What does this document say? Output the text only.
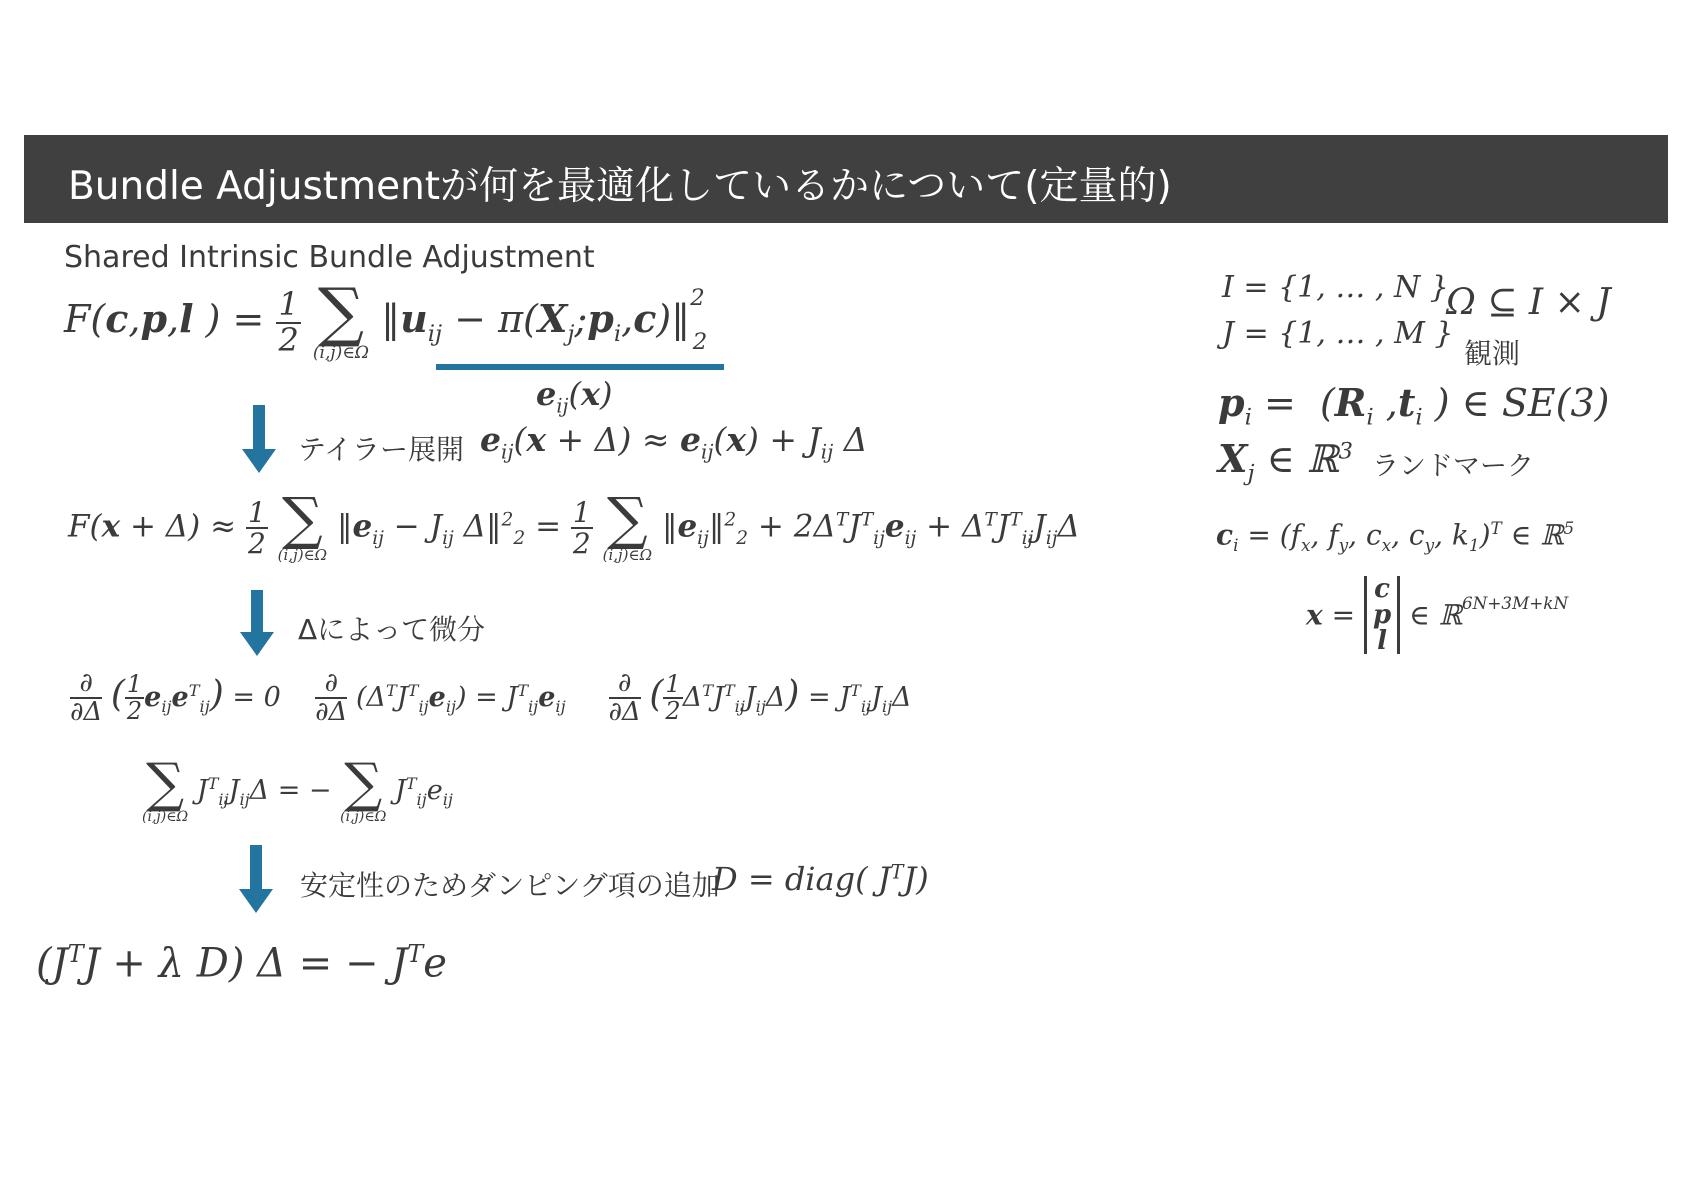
Bundle Adjustmentが何を最適化しているかについて(定量的)
Shared Intrinsic Bundle Adjustment
F(c,p,l ) = $\frac{1}{2}$
∑
(i,j)∈Ω
$‖u_{ij}$ − $\pi(X_j;p_i,c)‖^2_2$
$e_{ij}(x)$
テイラー展開 $e_{ij}(x + \Delta) \approx e_{ij}(x) + J_{ij}$ Δ
$F(x + \Delta) \approx \frac{1}{2}$
∑
(i,j)∈Ω
$‖e_{ij} - J_{ij}$ Δ‖$^2_2$ = $\frac{1}{2}$
∑
(i,j)∈Ω
$‖e_{ij}‖^2_2 + 2\Delta^TJ^T_{ij}e_{ij} + \Delta^TJ^T_{ij}J_{ij}\Delta$
Δによって微分
$\frac{\partial}{\partial\Delta}$ ( $\frac{1}{2} e_{ij}e^T_{ij}) = 0 \frac{\partial}{\partial\Delta} (\Delta^TJ^T_{ij}e_{ij}) = J^T_{ij}e_{ij} \frac{\partial}{\partial\Delta}$ ( $\frac{1}{2} \Delta^TJ^T_{ij}J_{ij}\Delta) = J^T_{ij}J_{ij}\Delta$
∑
(i,j)∈Ω
$J^T_{ij}J_{ij}\Delta$ = − ∑
(i,j)∈Ω
$J^T_{ij}e_{ij}$
安定性のためダンピング項の追加
D = diag( $J^TJ$)
($J^TJ + \lambda$ D) Δ = − $J^Te$
I = {1, … , N }
J = {1, … , M }
Ω ⊆ I × J
観測
$p_i = (R_i$ $,t_i$ ) ∈ SE(3)
$X_j$ ∈ ℝ$^3$ ランドマーク
$c_i = (f_x$, $f_y$, $c_x$, $c_y$, $k_1)^T$ ∈ ℝ$^5$
x =
c
p
l
∈ ℝ$^{6N+3M+kN}$
